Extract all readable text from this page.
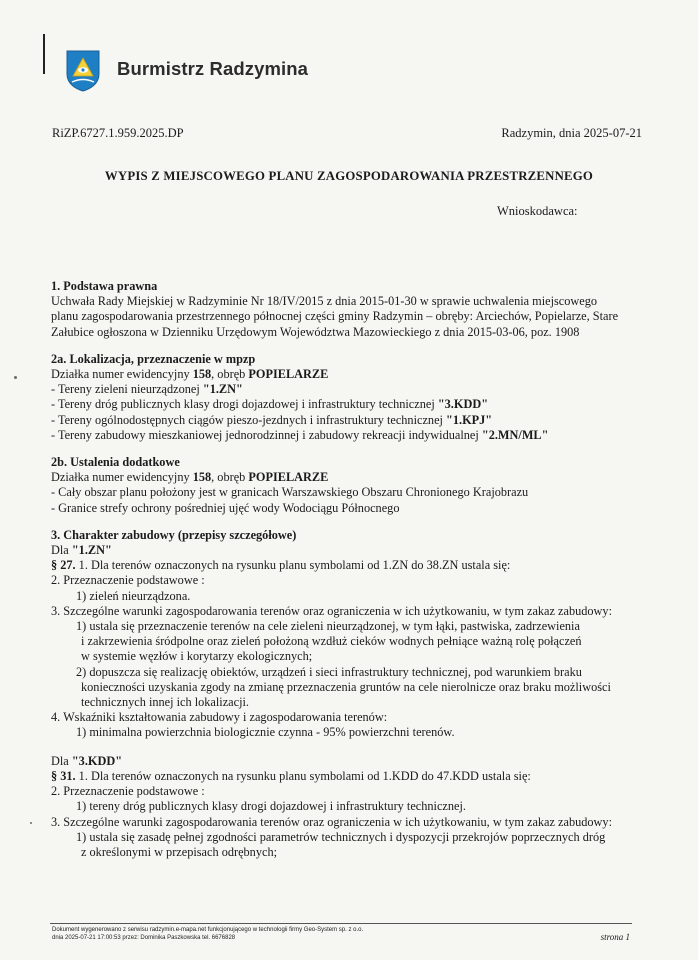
Burmistrz Radzymina
RiZP.6727.1.959.2025.DP	Radzymin, dnia 2025-07-21
WYPIS Z MIEJSCOWEGO PLANU ZAGOSPODAROWANIA PRZESTRZENNEGO
Wnioskodawca:

1. Podstawa prawna

Uchwała Rady Miejskiej w Radzyminie Nr 18/IV/2015 z dnia 2015-01-30 w sprawie uchwalenia miejscowego

planu zagospodarowania przestrzennego północnej części gminy Radzymin – obręby: Arciechów, Popielarze, Stare

Załubice ogłoszona w Dzienniku Urzędowym Województwa Mazowieckiego z dnia 2015-03-06, poz. 1908

2a. Lokalizacja, przeznaczenie w mpzp

Działka numer ewidencyjny 158, obręb POPIELARZE

- Tereny zieleni nieurządzonej "1.ZN"

- Tereny dróg publicznych klasy drogi dojazdowej i infrastruktury technicznej "3.KDD"

- Tereny ogólnodostępnych ciągów pieszo-jezdnych i infrastruktury technicznej "1.KPJ"

- Tereny zabudowy mieszkaniowej jednorodzinnej i zabudowy rekreacji indywidualnej "2.MN/ML"

2b. Ustalenia dodatkowe

Działka numer ewidencyjny 158, obręb POPIELARZE

- Cały obszar planu położony jest w granicach Warszawskiego Obszaru Chronionego Krajobrazu

- Granice strefy ochrony pośredniej ujęć wody Wodociągu Północnego

3. Charakter zabudowy (przepisy szczegółowe)

Dla "1.ZN"

§ 27. 1. Dla terenów oznaczonych na rysunku planu symbolami od 1.ZN do 38.ZN ustala się:

2. Przeznaczenie podstawowe :

1) zieleń nieurządzona.

3. Szczególne warunki zagospodarowania terenów oraz ograniczenia w ich użytkowaniu, w tym zakaz zabudowy:

1) ustala się przeznaczenie terenów na cele zieleni nieurządzonej, w tym łąki, pastwiska, zadrzewienia

i zakrzewienia śródpolne oraz zieleń położoną wzdłuż cieków wodnych pełniące ważną rolę połączeń

w systemie węzłów i korytarzy ekologicznych;

2) dopuszcza się realizację obiektów, urządzeń i sieci infrastruktury technicznej, pod warunkiem braku

konieczności uzyskania zgody na zmianę przeznaczenia gruntów na cele nierolnicze oraz braku możliwości

technicznych innej ich lokalizacji.

4. Wskaźniki kształtowania zabudowy i zagospodarowania terenów:

1) minimalna powierzchnia biologicznie czynna - 95% powierzchni terenów.

Dla "3.KDD"

§ 31. 1. Dla terenów oznaczonych na rysunku planu symbolami od 1.KDD do 47.KDD ustala się:

2. Przeznaczenie podstawowe :

1) tereny dróg publicznych klasy drogi dojazdowej i infrastruktury technicznej.

3. Szczególne warunki zagospodarowania terenów oraz ograniczenia w ich użytkowaniu, w tym zakaz zabudowy:

1) ustala się zasadę pełnej zgodności parametrów technicznych i dyspozycji przekrojów poprzecznych dróg

z określonymi w przepisach odrębnych;

Dokument wygenerowano z serwisu radzymin.e-mapa.net funkcjonującego w technologii firmy Geo-System sp. z o.o.
dnia 2025-07-21 17:00:53 przez: Dominika Paszkowska tel. 6676828	strona 1
